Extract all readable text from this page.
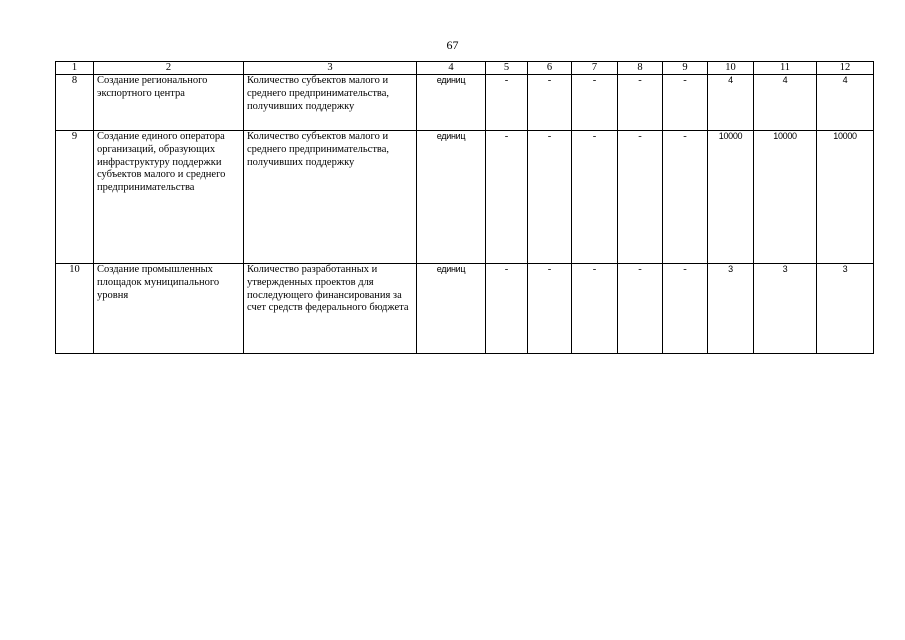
67
1	2	3	4	5	6	7	8	9	10	11	12
8	Создание регионального экспортного центра	Количество субъектов малого и среднего предпринимательства, получивших поддержку	единиц	-	-	-	-	-	4	4	4
9	Создание единого оператора организаций, образующих инфраструктуру поддержки субъектов малого и среднего предпринимательства	Количество субъектов малого и среднего предпринимательства, получивших поддержку	единиц	-	-	-	-	-	10000	10000	10000
10	Создание промышленных площадок муниципального уровня	Количество разработанных и утвержденных проектов для последующего финансирования за счет средств федерального бюджета	единиц	-	-	-	-	-	3	3	3
